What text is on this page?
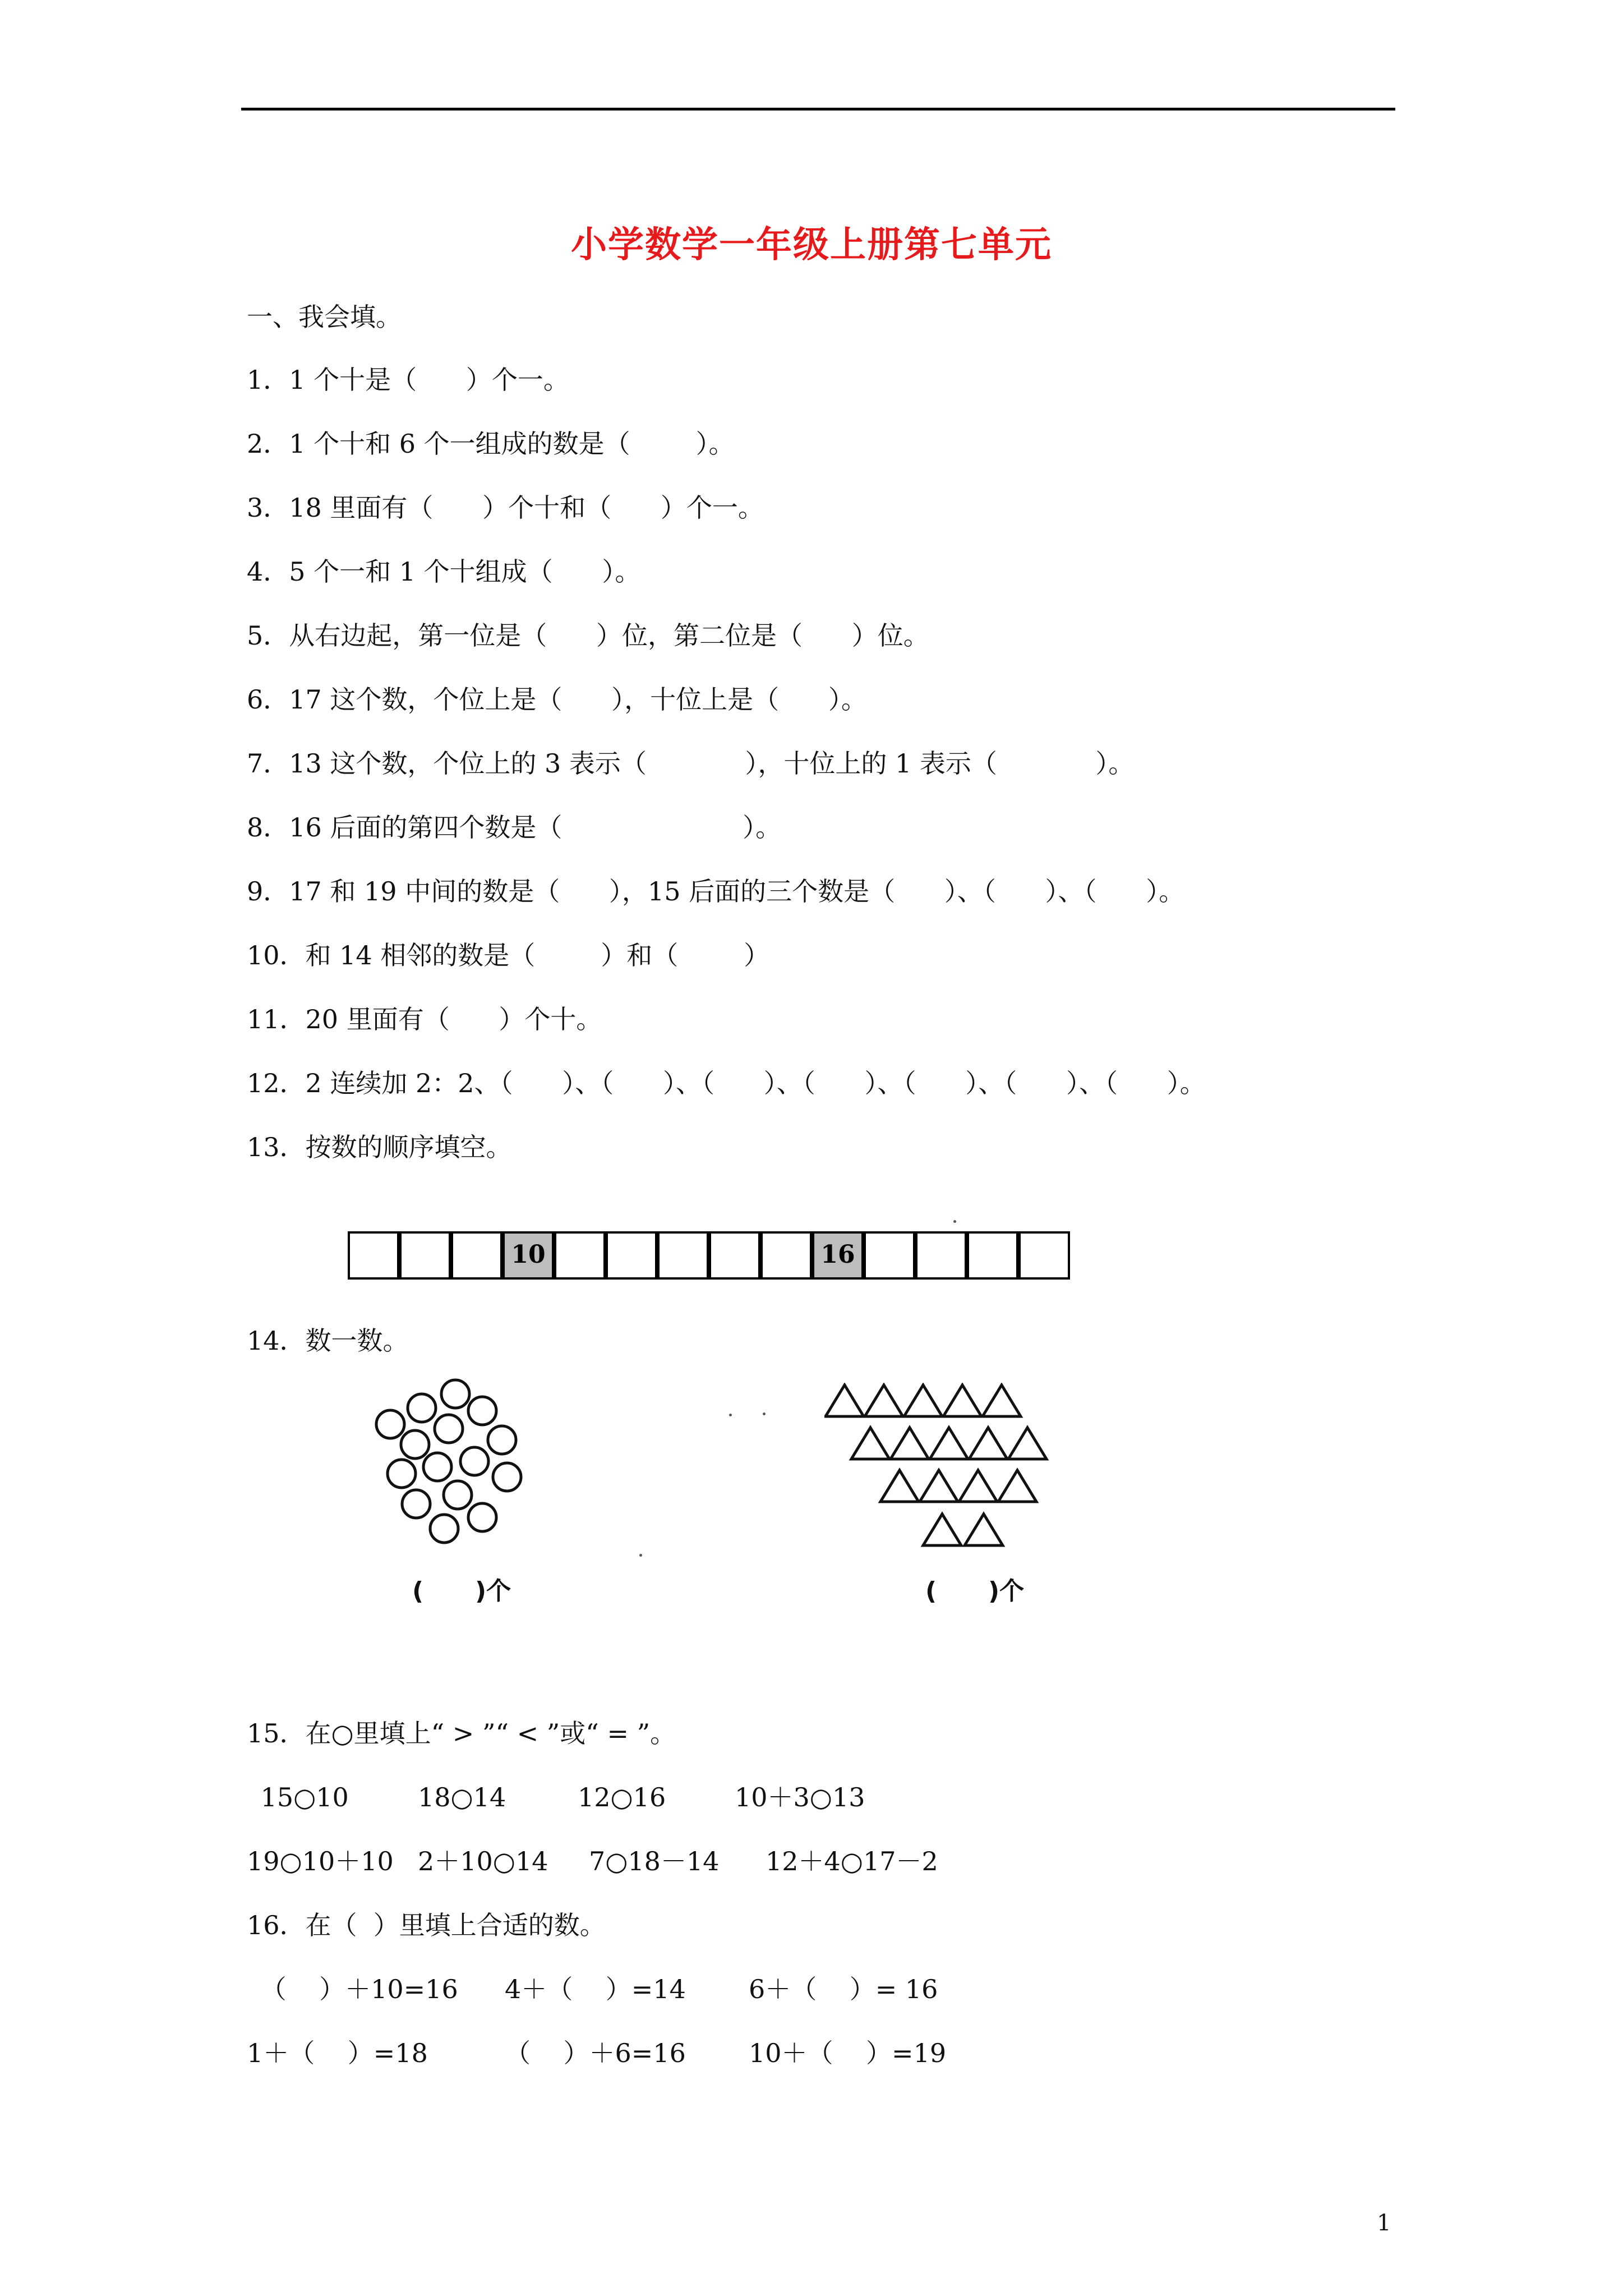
小学数学一年级上册第七单元
一、我会填。
1．1 个十是（      ）个一。
2．1 个十和 6 个一组成的数是（        ）。
3．18 里面有（      ）个十和（      ）个一。
4．5 个一和 1 个十组成（      ）。
5．从右边起，第一位是（      ）位，第二位是（      ）位。
6．17 这个数，个位上是（      ），十位上是（      ）。
7．13 这个数，个位上的 3 表示（            ），十位上的 1 表示（            ）。
8．16 后面的第四个数是（                      ）。
9．17 和 19 中间的数是（      ），15 后面的三个数是（      ）、（      ）、（      ）。
10．和 14 相邻的数是（        ）和（        ）
11．20 里面有（      ）个十。
12．2 连续加 2：2、（      ）、（      ）、（      ）、（      ）、（      ）、（      ）、（      ）。
13．按数的顺序填空。
10	16
14．数一数。
(      )个	(      )个
15．在○里填上“ > ”“ < ”或“ = ”。
15○10	18○14	12○16	10＋3○13
19○10＋10 2＋10○14 7○18－14 12＋4○17－2
16．在（  ）里填上合适的数。
（    ）＋10=16 4＋（    ）=14 6＋（    ）= 16
1＋（    ）=18	（    ）＋6=16 10＋（    ）=19
1
